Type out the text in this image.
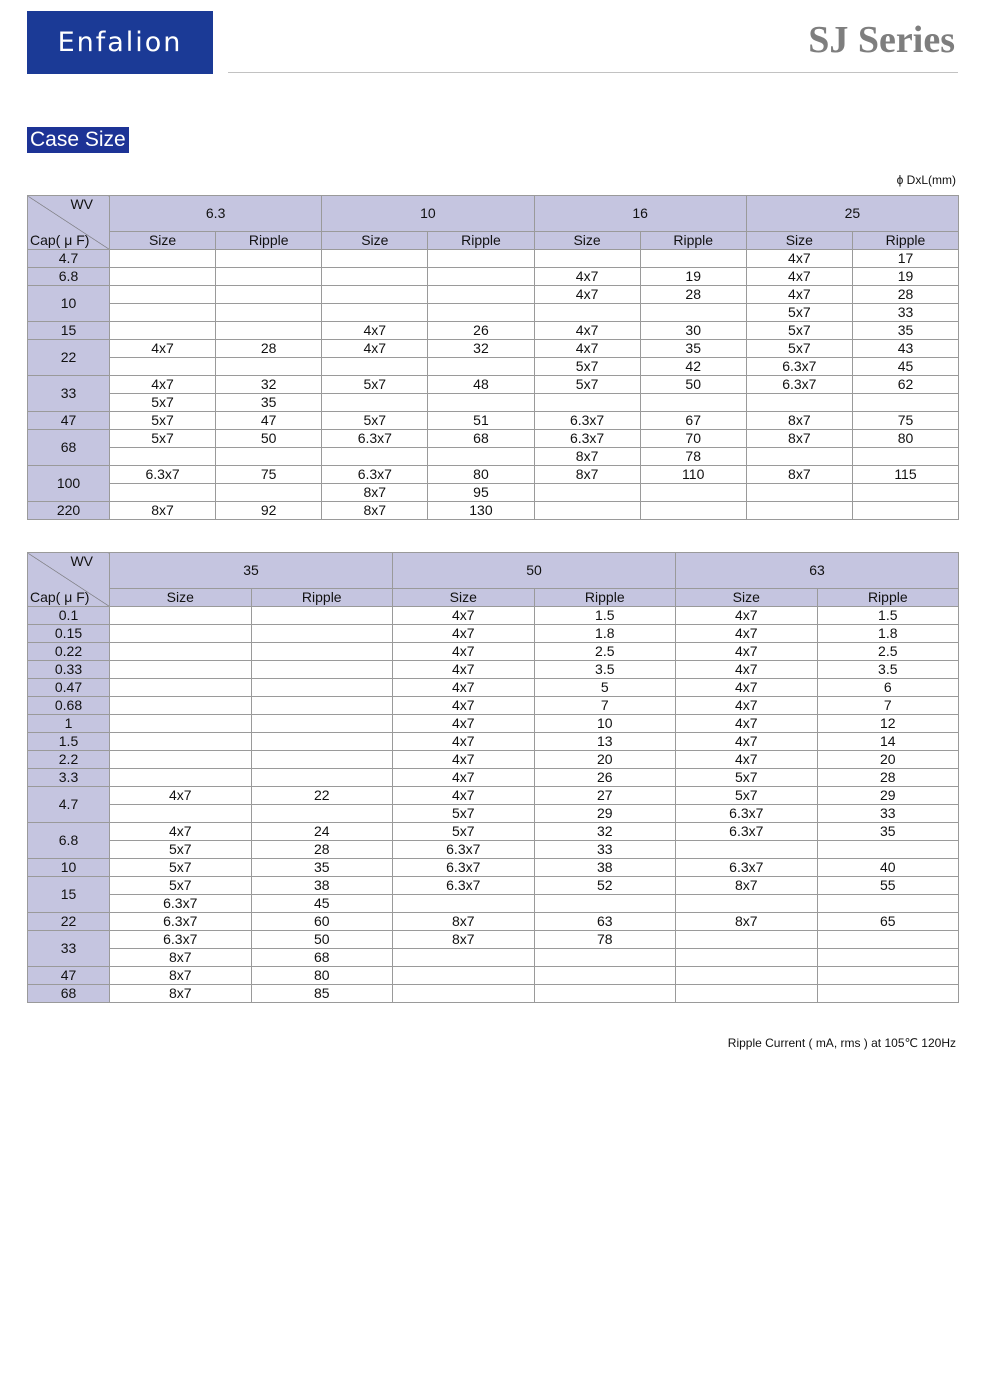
Enfalion	SJ Series
Case Size
ϕ DxL(mm)
WV
Cap( μ F)	6.3		10		16		25	
	Size	Ripple	Size	Ripple	Size	Ripple	Size	Ripple
4.7							4x7	17
6.8					4x7	19	4x7	19
10					4x7	28	4x7	28
							5x7	33
15			4x7	26	4x7	30	5x7	35
22	4x7	28	4x7	32	4x7	35	5x7	43
					5x7	42	6.3x7	45
33	4x7	32	5x7	48	5x7	50	6.3x7	62
	5x7	35						
47	5x7	47	5x7	51	6.3x7	67	8x7	75
68	5x7	50	6.3x7	68	6.3x7	70	8x7	80
					8x7	78		
100	6.3x7	75	6.3x7	80	8x7	110	8x7	115
			8x7	95				
220	8x7	92	8x7	130				
WV
Cap( μ F)	35		50		63	
	Size	Ripple	Size	Ripple	Size	Ripple
0.1			4x7	1.5	4x7	1.5
0.15			4x7	1.8	4x7	1.8
0.22			4x7	2.5	4x7	2.5
0.33			4x7	3.5	4x7	3.5
0.47			4x7	5	4x7	6
0.68			4x7	7	4x7	7
1			4x7	10	4x7	12
1.5			4x7	13	4x7	14
2.2			4x7	20	4x7	20
3.3			4x7	26	5x7	28
4.7	4x7	22	4x7	27	5x7	29
			5x7	29	6.3x7	33
6.8	4x7	24	5x7	32	6.3x7	35
	5x7	28	6.3x7	33		
10	5x7	35	6.3x7	38	6.3x7	40
15	5x7	38	6.3x7	52	8x7	55
	6.3x7	45				
22	6.3x7	60	8x7	63	8x7	65
33	6.3x7	50	8x7	78		
	8x7	68				
47	8x7	80				
68	8x7	85				
Ripple Current ( mA, rms ) at 105℃ 120Hz
